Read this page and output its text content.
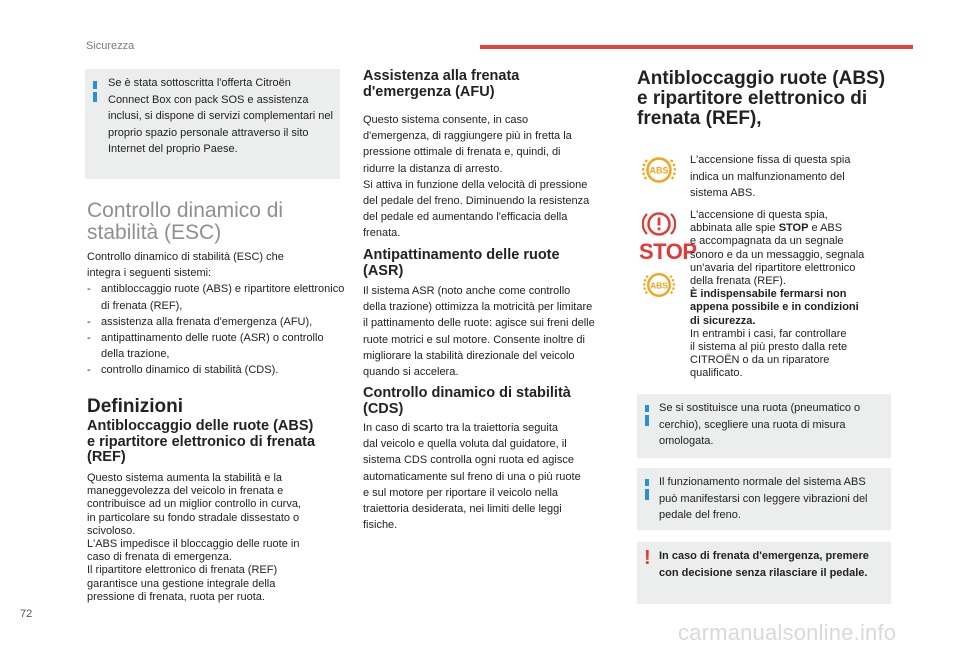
Sicurezza

Se è stata sottoscritta l'offerta Citroën Connect Box con pack SOS e assistenza inclusi, si dispone di servizi complementari nel proprio spazio personale attraverso il sito Internet del proprio Paese.

Controllo dinamico di
stabilità (ESC)

Controllo dinamico di stabilità (ESC) che

integra i seguenti sistemi:

- antibloccaggio ruote (ABS) e ripartitore elettronico di frenata (REF),
- assistenza alla frenata d'emergenza (AFU),
- antipattinamento delle ruote (ASR) o controllo della trazione,
- controllo dinamico di stabilità (CDS).
Definizioni
Antibloccaggio delle ruote (ABS)
e ripartitore elettronico di frenata
(REF)

Questo sistema aumenta la stabilità e la

maneggevolezza del veicolo in frenata e

contribuisce ad un miglior controllo in curva,

in particolare su fondo stradale dissestato o

scivoloso.

L'ABS impedisce il bloccaggio delle ruote in

caso di frenata di emergenza.

Il ripartitore elettronico di frenata (REF)

garantisce una gestione integrale della

pressione di frenata, ruota per ruota.

Assistenza alla frenata
d'emergenza (AFU)

Questo sistema consente, in caso

d'emergenza, di raggiungere più in fretta la

pressione ottimale di frenata e, quindi, di

ridurre la distanza di arresto.

Si attiva in funzione della velocità di pressione

del pedale del freno. Diminuendo la resistenza

del pedale ed aumentando l'efficacia della

frenata.

Antipattinamento delle ruote
(ASR)

Il sistema ASR (noto anche come controllo

della trazione) ottimizza la motricità per limitare

il pattinamento delle ruote: agisce sui freni delle

ruote motrici e sul motore. Consente inoltre di

migliorare la stabilità direzionale del veicolo

quando si accelera.

Controllo dinamico di stabilità
(CDS)

In caso di scarto tra la traiettoria seguita

dal veicolo e quella voluta dal guidatore, il

sistema CDS controlla ogni ruota ed agisce

automaticamente sul freno di una o più ruote

e sul motore per riportare il veicolo nella

traiettoria desiderata, nei limiti delle leggi

fisiche.

Antibloccaggio ruote (ABS)
e ripartitore elettronico di
frenata (REF),
ABS
L'accensione fissa di questa spia
indica un malfunzionamento del
sistema ABS.
STOP
ABS
L'accensione di questa spia,
abbinata alle spie STOP e ABS
e accompagnata da un segnale
sonoro e da un messaggio, segnala
un'avaria del ripartitore elettronico
della frenata (REF).
È indispensabile fermarsi non
appena possibile e in condizioni
di sicurezza.
In entrambi i casi, far controllare
il sistema al più presto dalla rete
CITROËN o da un riparatore
qualificato.

Se si sostituisce una ruota (pneumatico o cerchio), scegliere una ruota di misura omologata.

Il funzionamento normale del sistema ABS può manifestarsi con leggere vibrazioni del pedale del freno.

! In caso di frenata d'emergenza, premere con decisione senza rilasciare il pedale.

72
carmanualsonline.info
